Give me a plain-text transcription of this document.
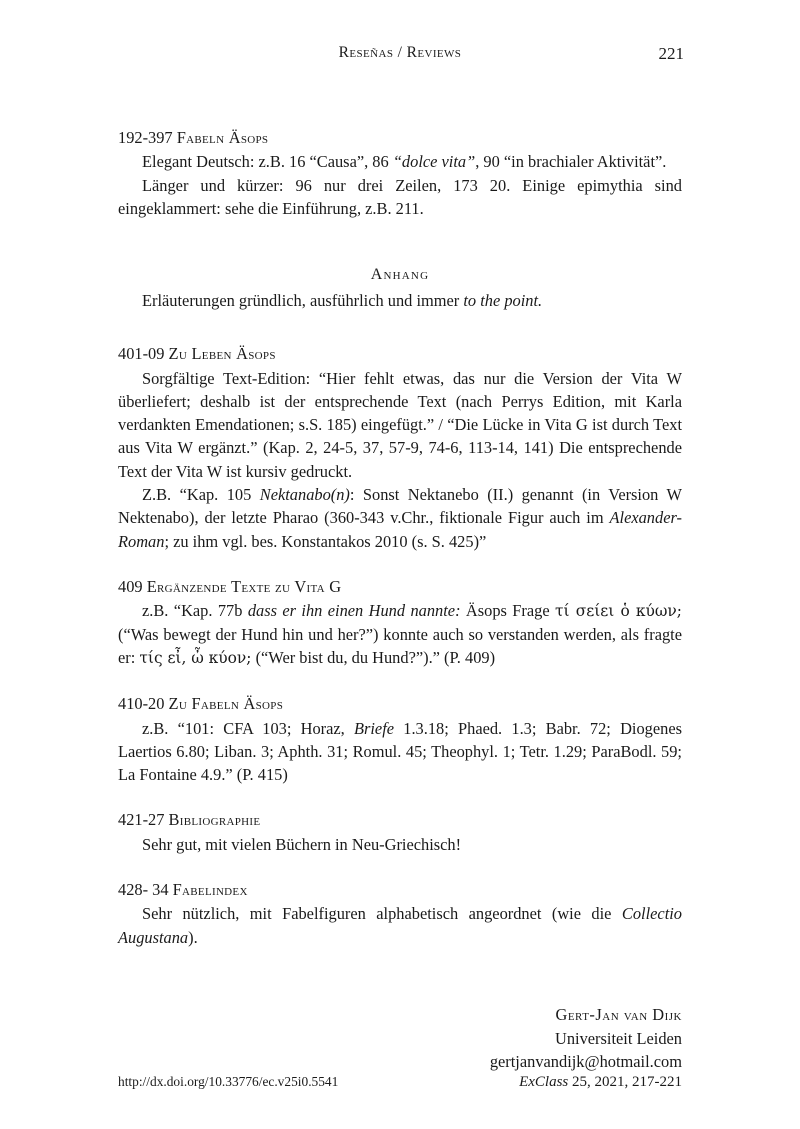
Reseñas / Reviews	221
192-397 Fabeln Äsops

Elegant Deutsch: z.B. 16 “Causa”, 86 “dolce vita”, 90 “in brachialer Aktivität”.

Länger und kürzer: 96 nur drei Zeilen, 173 20. Einige epimythia sind eingeklammert: sehe die Einführung, z.B. 211.

Anhang

Erläuterungen gründlich, ausführlich und immer to the point.

401-09 Zu Leben Äsops

Sorgfältige Text-Edition: “Hier fehlt etwas, das nur die Version der Vita W überliefert; deshalb ist der entsprechende Text (nach Perrys Edition, mit Karla verdankten Emendationen; s.S. 185) eingefügt.” / “Die Lücke in Vita G ist durch Text aus Vita W ergänzt.” (Kap. 2, 24-5, 37, 57-9, 74-6, 113-14, 141) Die entsprechende Text der Vita W ist kursiv gedruckt.

Z.B. “Kap. 105 Nektanabo(n): Sonst Nektanebo (II.) genannt (in Version W Nektenabo), der letzte Pharao (360-343 v.Chr., fiktionale Figur auch im Alexander-Roman; zu ihm vgl. bes. Konstantakos 2010 (s. S. 425)”

409 Ergänzende Texte zu Vita G

z.B. “Kap. 77b dass er ihn einen Hund nannte: Äsops Frage τί σείει ὁ κύων; (“Was bewegt der Hund hin und her?”) konnte auch so verstanden werden, als fragte er: τίς εἶ, ὦ κύον; (“Wer bist du, du Hund?”).” (P. 409)

410-20 Zu Fabeln Äsops

z.B. “101: CFA 103; Horaz, Briefe 1.3.18; Phaed. 1.3; Babr. 72; Diogenes Laertios 6.80; Liban. 3; Aphth. 31; Romul. 45; Theophyl. 1; Tetr. 1.29; ParaBodl. 59; La Fontaine 4.9.” (P. 415)

421-27 Bibliographie

Sehr gut, mit vielen Büchern in Neu-Griechisch!

428- 34 Fabelindex

Sehr nützlich, mit Fabelfiguren alphabetisch angeordnet (wie die Collectio Augustana).

Gert-Jan van Dijk
Universiteit Leiden
gertjanvandijk@hotmail.com
http://dx.doi.org/10.33776/ec.v25i0.5541	ExClass 25, 2021, 217-221
